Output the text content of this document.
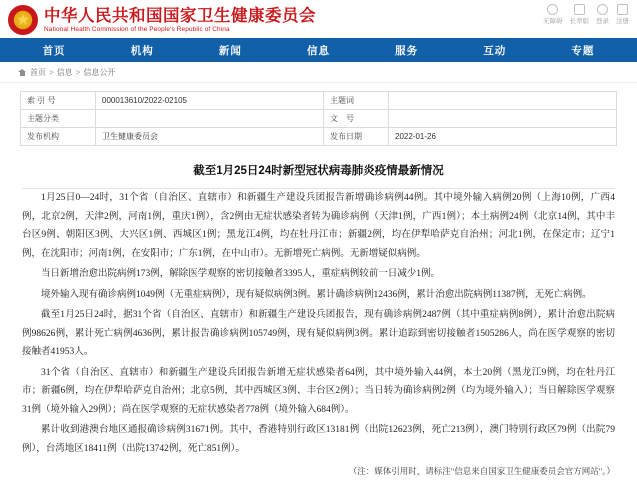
★
中华人民共和国国家卫生健康委员会
National Health Commission of the People's Republic of China
无障碍 长辈版 登录 注册
首页	机构	新闻	信息	服务	互动	专题
首页 > 信息 > 信息公开
索 引 号	000013610/2022-02105	主题词	
主题分类		文　号	
发布机构	卫生健康委员会	发布日期	2022-01-26
截至1月25日24时新型冠状病毒肺炎疫情最新情况

1月25日0—24时，31个省（自治区、直辖市）和新疆生产建设兵团报告新增确诊病例44例。其中境外输入病例20例（上海10例，广西4例，北京2例，天津2例，河南1例，重庆1例），含2例由无症状感染者转为确诊病例（天津1例，广西1例）；本土病例24例（北京14例，其中丰台区9例、朝阳区3例、大兴区1例、西城区1例；黑龙江4例，均在牡丹江市；新疆2例，均在伊犁哈萨克自治州；河北1例，在保定市；辽宁1例，在沈阳市；河南1例，在安阳市；广东1例，在中山市）。无新增死亡病例。无新增疑似病例。

当日新增治愈出院病例173例，解除医学观察的密切接触者3395人，重症病例较前一日减少1例。

境外输入现有确诊病例1049例（无重症病例），现有疑似病例3例。累计确诊病例12436例，累计治愈出院病例11387例，无死亡病例。

截至1月25日24时，据31个省（自治区、直辖市）和新疆生产建设兵团报告，现有确诊病例2487例（其中重症病例8例），累计治愈出院病例98626例，累计死亡病例4636例，累计报告确诊病例105749例，现有疑似病例3例。累计追踪到密切接触者1505286人，尚在医学观察的密切接触者41953人。

31个省（自治区、直辖市）和新疆生产建设兵团报告新增无症状感染者64例，其中境外输入44例，本土20例（黑龙江9例，均在牡丹江市；新疆6例，均在伊犁哈萨克自治州；北京5例，其中西城区3例、丰台区2例）；当日转为确诊病例2例（均为境外输入）；当日解除医学观察31例（境外输入29例）；尚在医学观察的无症状感染者778例（境外输入684例）。

累计收到港澳台地区通报确诊病例31671例。其中，香港特别行政区13181例（出院12623例，死亡213例），澳门特别行政区79例（出院79例），台湾地区18411例（出院13742例，死亡851例）。

（注：媒体引用时，请标注"信息来自国家卫生健康委员会官方网站"。）
